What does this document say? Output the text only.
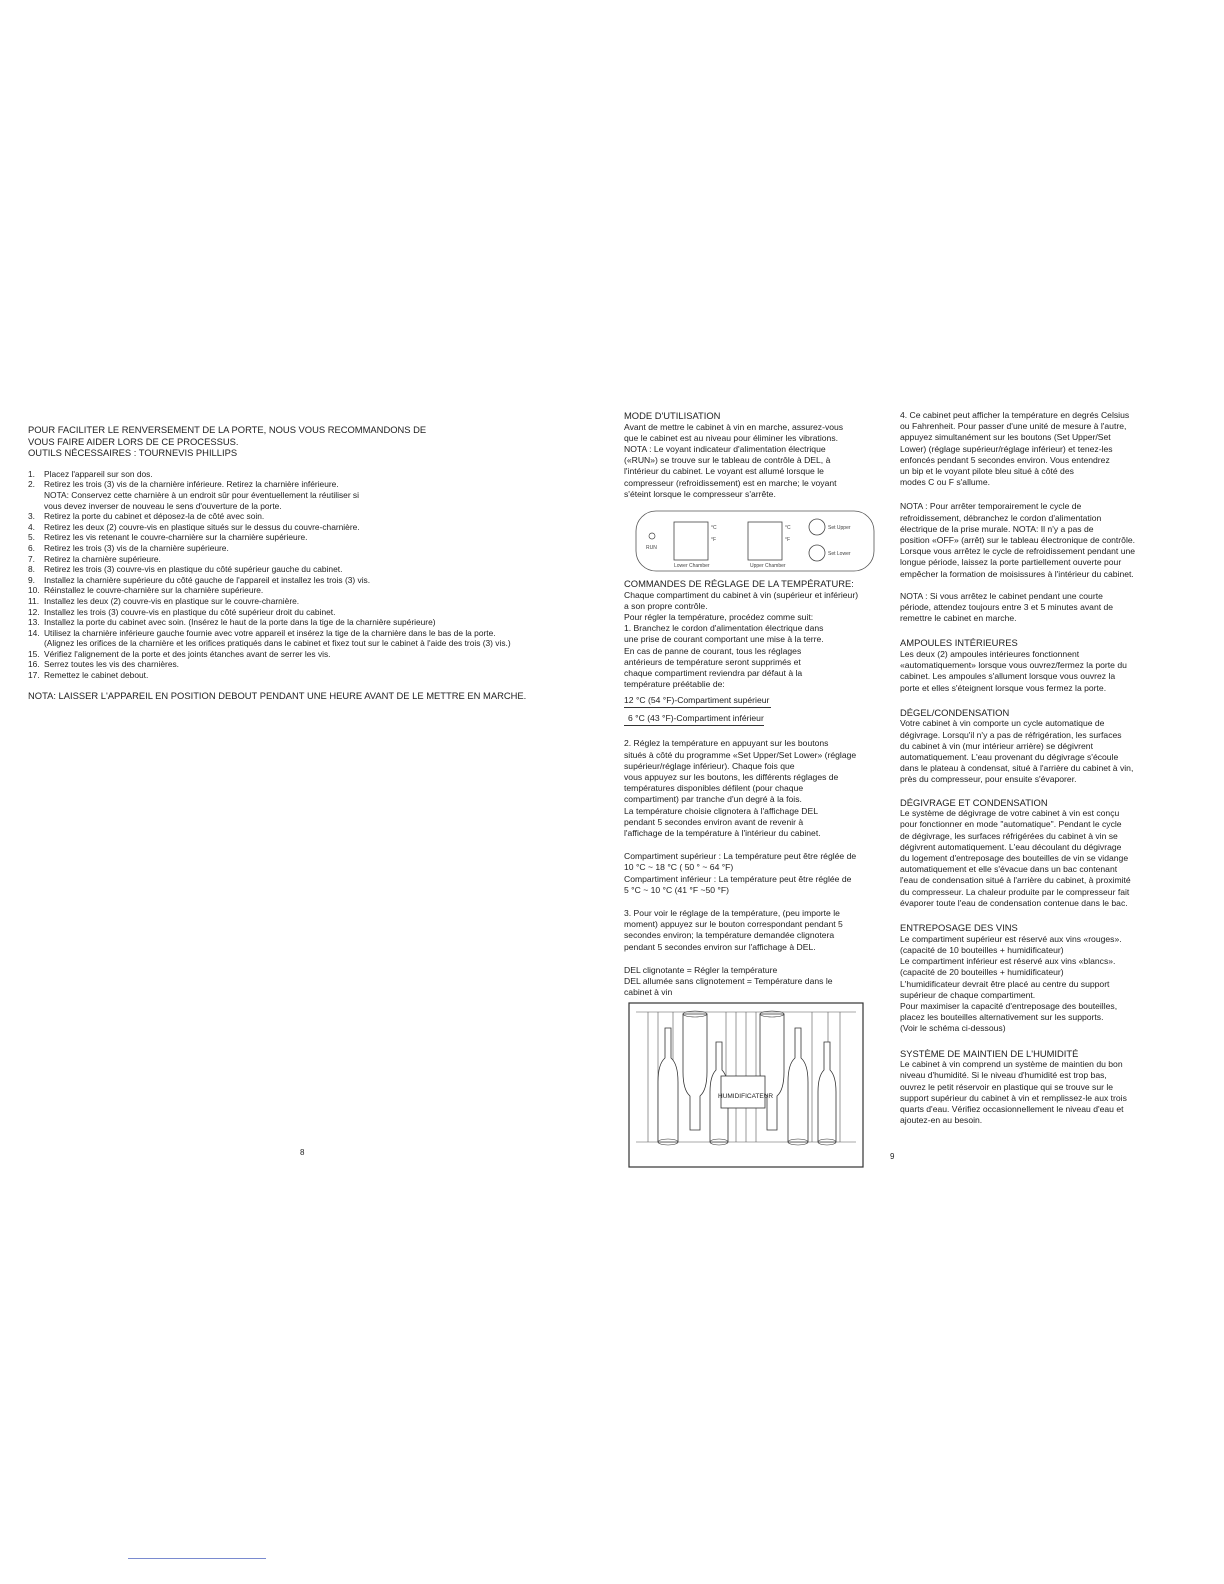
POUR FACILITER LE RENVERSEMENT DE LA PORTE, NOUS VOUS RECOMMANDONS DE
VOUS FAIRE AIDER LORS DE CE PROCESSUS.
OUTILS NÉCESSAIRES : TOURNEVIS PHILLIPS

1.	Placez l'appareil sur son dos.
2.	Retirez les trois (3) vis de la charnière inférieure. Retirez la charnière inférieure.
NOTA: Conservez cette charnière à un endroit sûr pour éventuellement la réutiliser si
vous devez inverser de nouveau le sens d'ouverture de la porte.
3.	Retirez la porte du cabinet et déposez-la de côté avec soin.
4.	Retirez les deux (2) couvre-vis en plastique situés sur le dessus du couvre-charnière.
5.	Retirez les vis retenant le couvre-charnière sur la charnière supérieure.
6.	Retirez les trois (3) vis de la charnière supérieure.
7.	Retirez la charnière supérieure.
8.	Retirez les trois (3) couvre-vis en plastique du côté supérieur gauche du cabinet.
9.	Installez la charnière supérieure du côté gauche de l'appareil et installez les trois (3) vis.
10. Réinstallez le couvre-charnière sur la charnière supérieure.
11. Installez les deux (2) couvre-vis en plastique sur le couvre-charnière.
12. Installez les trois (3) couvre-vis en plastique du côté supérieur droit du cabinet.
13. Installez la porte du cabinet avec soin. (Insérez le haut de la porte dans la tige de la charnière supérieure)
14. Utilisez la charnière inférieure gauche fournie avec votre appareil et insérez la tige de la charnière dans le bas de la porte.
(Alignez les orifices de la charnière et les orifices pratiqués dans le cabinet et fixez tout sur le cabinet à l'aide des trois (3) vis.)
15. Vérifiez l'alignement de la porte et des joints étanches avant de serrer les vis.
16. Serrez toutes les vis des charnières.
17. Remettez le cabinet debout.

NOTA: LAISSER L'APPAREIL EN POSITION DEBOUT PENDANT UNE HEURE AVANT DE LE METTRE EN MARCHE.

8

MODE D'UTILISATION

Avant de mettre le cabinet à vin en marche, assurez-vous
que le cabinet est au niveau pour éliminer les vibrations.
NOTA : Le voyant indicateur d'alimentation électrique
(«RUN») se trouve sur le tableau de contrôle à DEL, à
l'intérieur du cabinet. Le voyant est allumé lorsque le
compresseur (refroidissement) est en marche; le voyant
s'éteint lorsque le compresseur s'arrête.

RUN
°C
°F
Lower Chamber
°C
°F
Upper Chamber
Set Upper
Set Lower

COMMANDES DE RÉGLAGE DE LA TEMPÉRATURE:

Chaque compartiment du cabinet à vin (supérieur et inférieur)
a son propre contrôle.
Pour régler la température, procédez comme suit:
1. Branchez le cordon d'alimentation électrique dans
une prise de courant comportant une mise à la terre.
En cas de panne de courant, tous les réglages
antérieurs de température seront supprimés et
chaque compartiment reviendra par défaut à la
température préétablie de:

12 °C (54 °F)-Compartiment supérieur 6 °C (43 °F)-Compartiment inférieur

2. Réglez la température en appuyant sur les boutons
situés à côté du programme «Set Upper/Set Lower» (réglage
supérieur/réglage inférieur). Chaque fois que
vous appuyez sur les boutons, les différents réglages de
températures disponibles défilent (pour chaque
compartiment) par tranche d'un degré à la fois.
La température choisie clignotera à l'affichage DEL
pendant 5 secondes environ avant de revenir à
l'affichage de la température à l'intérieur du cabinet.

Compartiment supérieur : La température peut être réglée de
10 °C ~ 18 °C ( 50 ° ~ 64 °F)
Compartiment inférieur : La température peut être réglée de
5 °C ~ 10 °C (41 °F ~50 °F)

3. Pour voir le réglage de la température, (peu importe le
moment) appuyez sur le bouton correspondant pendant 5
secondes environ; la température demandée clignotera
pendant 5 secondes environ sur l'affichage à DEL.

DEL clignotante = Régler la température

DEL allumée sans clignotement = Température dans le
cabinet à vin

HUMIDIFICATEUR
9

4. Ce cabinet peut afficher la température en degrés Celsius
ou Fahrenheit. Pour passer d'une unité de mesure à l'autre,
appuyez simultanément sur les boutons (Set Upper/Set
Lower) (réglage supérieur/réglage inférieur) et tenez-les
enfoncés pendant 5 secondes environ. Vous entendrez
un bip et le voyant pilote bleu situé à côté des
modes C ou F s'allume.

NOTA : Pour arrêter temporairement le cycle de
refroidissement, débranchez le cordon d'alimentation
électrique de la prise murale. NOTA: Il n'y a pas de
position «OFF» (arrêt) sur le tableau électronique de contrôle.
Lorsque vous arrêtez le cycle de refroidissement pendant une
longue période, laissez la porte partiellement ouverte pour
empêcher la formation de moisissures à l'intérieur du cabinet.

NOTA : Si vous arrêtez le cabinet pendant une courte
période, attendez toujours entre 3 et 5 minutes avant de
remettre le cabinet en marche.

AMPOULES INTÉRIEURES

Les deux (2) ampoules intérieures fonctionnent
«automatiquement» lorsque vous ouvrez/fermez la porte du
cabinet. Les ampoules s'allument lorsque vous ouvrez la
porte et elles s'éteignent lorsque vous fermez la porte.

DÉGEL/CONDENSATION

Votre cabinet à vin comporte un cycle automatique de
dégivrage. Lorsqu'il n'y a pas de réfrigération, les surfaces
du cabinet à vin (mur intérieur arrière) se dégivrent
automatiquement. L'eau provenant du dégivrage s'écoule
dans le plateau à condensat, situé à l'arrière du cabinet à vin,
près du compresseur, pour ensuite s'évaporer.

DÉGIVRAGE ET CONDENSATION

Le système de dégivrage de votre cabinet à vin est conçu
pour fonctionner en mode "automatique". Pendant le cycle
de dégivrage, les surfaces réfrigérées du cabinet à vin se
dégivrent automatiquement. L'eau découlant du dégivrage
du logement d'entreposage des bouteilles de vin se vidange
automatiquement et elle s'évacue dans un bac contenant
l'eau de condensation situé à l'arrière du cabinet, à proximité
du compresseur. La chaleur produite par le compresseur fait
évaporer toute l'eau de condensation contenue dans le bac.

ENTREPOSAGE DES VINS

Le compartiment supérieur est réservé aux vins «rouges».
(capacité de 10 bouteilles + humidificateur)
Le compartiment inférieur est réservé aux vins «blancs».
(capacité de 20 bouteilles + humidificateur)
L'humidificateur devrait être placé au centre du support
supérieur de chaque compartiment.
Pour maximiser la capacité d'entreposage des bouteilles,
placez les bouteilles alternativement sur les supports.
(Voir le schéma ci-dessous)

SYSTÈME DE MAINTIEN DE L'HUMIDITÉ

Le cabinet à vin comprend un système de maintien du bon
niveau d'humidité. Si le niveau d'humidité est trop bas,
ouvrez le petit réservoir en plastique qui se trouve sur le
support supérieur du cabinet à vin et remplissez-le aux trois
quarts d'eau. Vérifiez occasionnellement le niveau d'eau et
ajoutez-en au besoin.
